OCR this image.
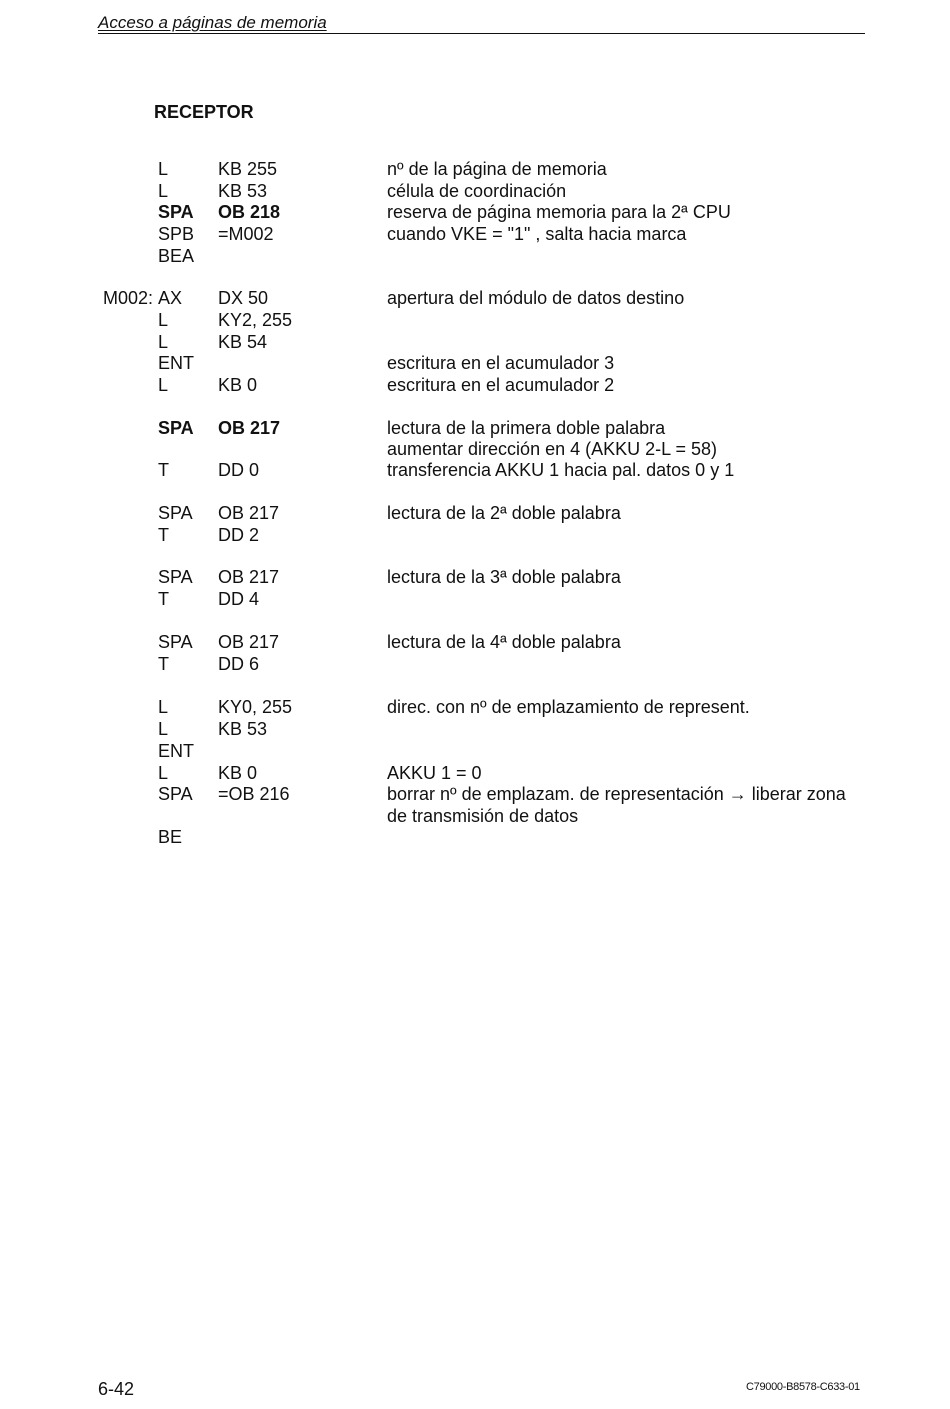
Acceso a páginas de memoria
RECEPTOR
L	KB 255	nº de la página de memoria
L	KB 53	célula de coordinación
SPA OB 218	reserva de página memoria para la 2ª CPU
SPB =M002	cuando VKE = "1" , salta hacia marca
BEA
M002: AX DX 50	apertura del módulo de datos destino
L	KY2, 255
L	KB 54
ENT	escritura en el acumulador 3
L	KB 0	escritura en el acumulador 2
SPA OB 217	lectura de la primera doble palabra
aumentar dirección en 4 (AKKU 2-L = 58)
T	DD 0	transferencia AKKU 1 hacia pal. datos 0 y 1
SPA OB 217	lectura de la 2ª doble palabra
T	DD 2
SPA OB 217	lectura de la 3ª doble palabra
T	DD 4
SPA OB 217	lectura de la 4ª doble palabra
T	DD 6
L	KY0, 255	direc. con nº de emplazamiento de represent.
L	KB 53
ENT
L	KB 0	AKKU 1 = 0
SPA =OB 216	borrar nº de emplazam. de representación → liberar zona
de transmisión de datos
BE
6-42	C79000-B8578-C633-01
